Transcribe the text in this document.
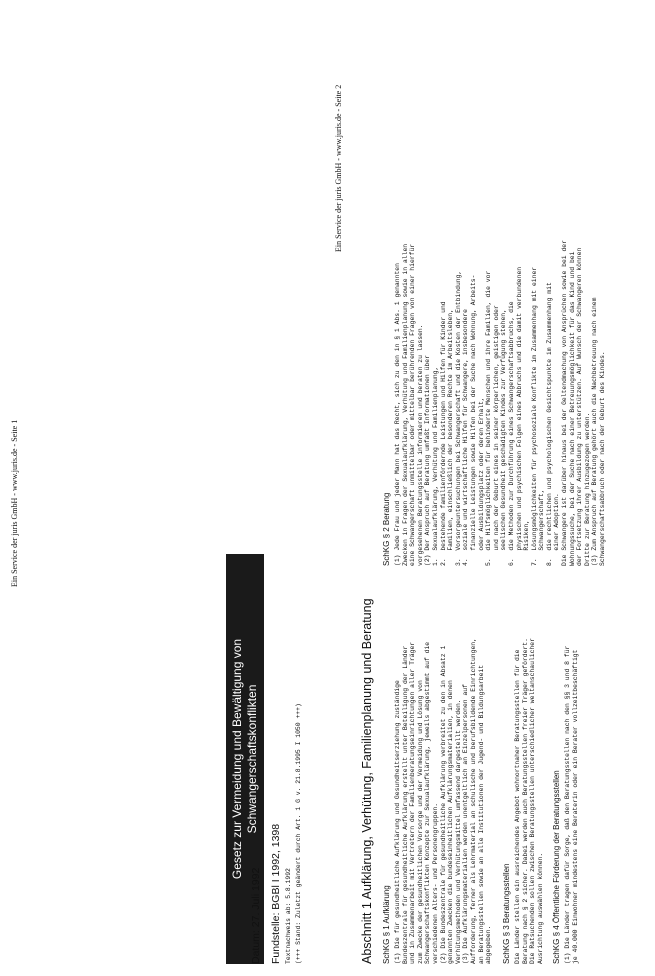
Ein Service der juris GmbH - www.juris.de - Seite 1
Gesetz zur Vermeidung und Bewältigung von Schwangerschaftskonflikten
Datum: 27. Juli 1992 Fundstelle: BGBl I 1992, 1398 Textnachweis ab: 5.8.1992 (+++ Stand: Zuletzt geändert durch Art. 1 G v. 21.8.1995 I 1050 +++)
Ein Service der juris GmbH - www.juris.de - Seite 2
Abschnitt 1 Aufklärung, Verhütung, Familienplanung und Beratung SchKG § 1 Aufklärung (1) Die für gesundheitliche Aufklärung und Gesundheitserziehung zuständige Bundeszentrale für gesundheitliche Aufklärung erstellt unter Beteiligung der Länder und in Zusammenarbeit mit Vertretern der Familienberatungseinrichtungen aller Träger zum Zwecke der gesundheitlichen Vorsorge und der Vermeidung und Lösung von Schwangerschaftskonflikten Konzepte zur Sexualaufklärung, jeweils abgestimmt auf die verschiedenen Alters- und Personengruppen. (2) Die Bundeszentrale für gesundheitliche Aufklärung verbreitet zu den in Absatz 1 genannten Zwecken die bundeseinheitlichen Aufklärungsmaterialien, in denen Verhütungsmethoden und Verhütungsmittel umfassend dargestellt werden. (3) Die Aufklärungsmaterialien werden unentgeltlich an Einzelpersonen auf Aufforderung, ferner als Lehrmaterial an schulische und berufsbildende Einrichtungen, an Beratungsstellen sowie an alle Institutionen der Jugend- und Bildungsarbeit abgegeben.
SchKG § 2 Beratung (1) Jede Frau und jeder Mann hat das Recht, sich zu den in § 1 Abs. 1 genannten Zwecken in Fragen der Sexualaufklärung, Verhütung und Familienplanung sowie in allen eine Schwangerschaft unmittelbar oder mittelbar berührenden Fragen von einer hierfür vorgesehenen Beratungsstelle informieren und beraten zu lassen. (2) Der Anspruch auf Beratung umfaßt Informationen über 1.  Sexualaufklärung, Verhütung und Familienplanung, 2.  bestehende familienfördernde Leistungen und Hilfen für Kinder und Familien, einschließlich der besonderen Rechte im Arbeitsleben, 3.  Vorsorgeuntersuchungen bei Schwangerschaft und die Kosten der Entbindung, 4.  soziale und wirtschaftliche Hilfen für Schwangere, insbesondere finanzielle Leistungen sowie Hilfen bei der Suche nach Wohnung, Arbeits- oder Ausbildungsplatz oder deren Erhalt, 5.  die Hilfsmöglichkeiten für behinderte Menschen und ihre Familien, die vor und nach der Geburt eines in seiner körperlichen, geistigen oder seelischen Gesundheit geschädigten Kindes zur Verfügung stehen, 6.  die Methoden zur Durchführung eines Schwangerschaftsabbruchs, die physischen und psychischen Folgen eines Abbruchs und die damit verbundenen Risiken, 7.  Lösungsmöglichkeiten für psychosoziale Konflikte im Zusammenhang mit einer Schwangerschaft, 8.  die rechtlichen und psychologischen Gesichtspunkte im Zusammenhang mit einer Adoption. Die Schwangere ist darüber hinaus bei der Geltendmachung von Ansprüchen sowie bei der Wohnungssuche, bei der Suche nach einer Betreuungsmöglichkeit für das Kind und bei der Fortsetzung ihrer Ausbildung zu unterstützen. Auf Wunsch der Schwangeren können Dritte zur Beratung hinzugezogen werden. (3) Zum Anspruch auf Beratung gehört auch die Nachbetreuung nach einem Schwangerschaftsabbruch oder nach der Geburt des Kindes.
SchKG § 3 Beratungsstellen Die Länder stellen ein ausreichendes Angebot wohnortnaher Beratungsstellen für die Beratung nach § 2 sicher. Dabei werden auch Beratungsstellen freier Träger gefördert. Die Ratsuchenden sollen zwischen Beratungsstellen unterschiedlicher weltanschaulicher Ausrichtung auswählen können. SchKG § 4 Öffentliche Förderung der Beratungsstellen (1) Die Länder tragen dafür Sorge, daß den Beratungsstellen nach den §§ 3 und 8 für je 40.000 Einwohner mindestens eine Beraterin oder ein Berater vollzeitbeschäftigt
